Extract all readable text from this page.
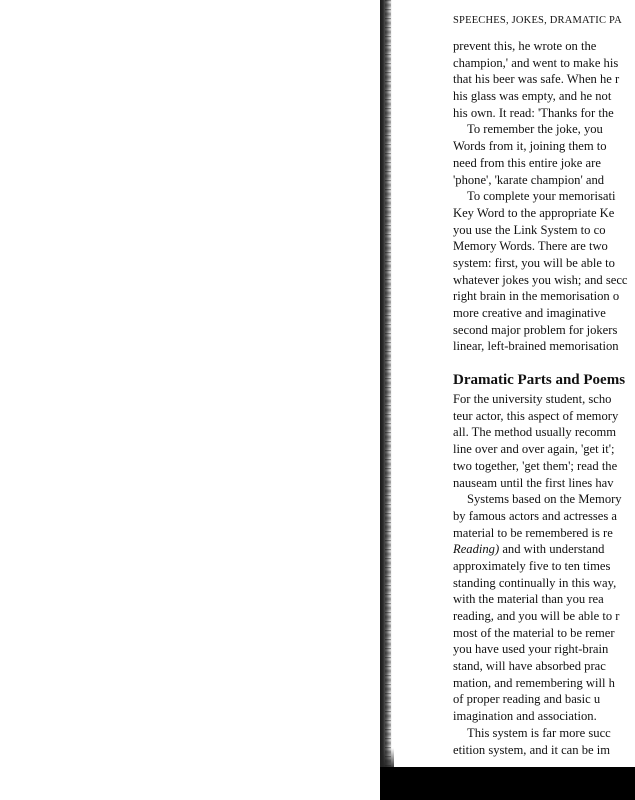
SPEECHES, JOKES, DRAMATIC PA
prevent this, he wrote on the
champion,' and went to make his
that his beer was safe. When he r
his glass was empty, and he not
his own. It read: 'Thanks for the
To remember the joke, you
Words from it, joining them to
need from this entire joke are
'phone', 'karate champion' and
To complete your memorisati
Key Word to the appropriate Ke
you use the Link System to co
Memory Words. There are two
system: first, you will be able to
whatever jokes you wish; and secc
right brain in the memorisation o
more creative and imaginative
second major problem for jokers
linear, left-brained memorisation
Dramatic Parts and Poems
For the university student, scho
teur actor, this aspect of memory
all. The method usually recomm
line over and over again, 'get it';
two together, 'get them'; read the
nauseam until the first lines hav
Systems based on the Memory
by famous actors and actresses a
material to be remembered is re
Reading) and with understand
approximately five to ten times
standing continually in this way,
with the material than you rea
reading, and you will be able to r
most of the material to be remer
you have used your right-brain
stand, will have absorbed prac
mation, and remembering will h
of proper reading and basic u
imagination and association.
This system is far more succ
etition system, and it can be im
